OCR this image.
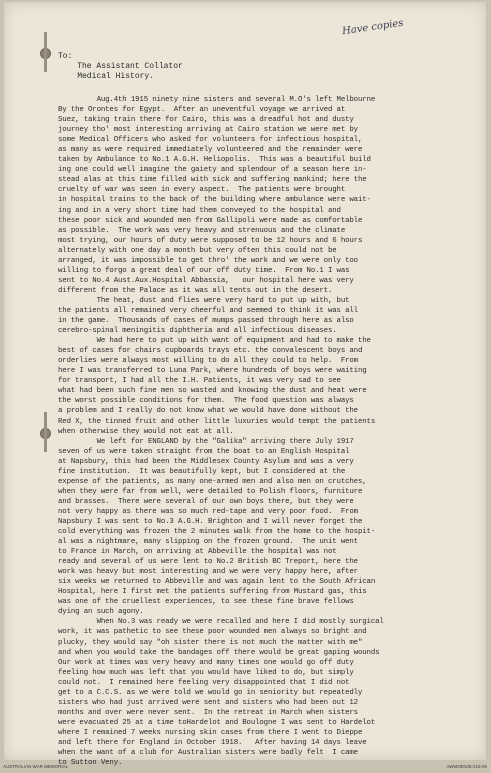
Have copies
To:
The Assistant Collator
Medical History.
Aug.4th 1915 ninety nine sisters and several M.O's left Melbourne
By the Orontes for Egypt.  After an uneventful voyage we arrived at
Suez, taking train there for Cairo, this was a dreadful hot and dusty
journey tho' most interesting arriving at Cairo station we were met by
some Medical Officers who asked for volunteers for infectious hospital,
as many as were required immediately volunteered and the remainder were
taken by Ambulance to No.1 A.G.H. Heliopolis.  This was a beautiful build
ing one could well imagine the gaiety and splendour of a season here in-
stead alas at this time filled with sick and suffering mankind; here the
cruelty of war was seen in every aspect.  The patients were brought
in hospital trains to the back of the building where ambulance were wait-
ing and in a very short time had them conveyed to the hospital and
these poor sick and wounded men from Gallipoli were made as comfortable
as possible.  The work was very heavy and strenuous and the climate
most trying, our hours of duty were supposed to be 12 hours and 6 hours
alternately with one day a month but very often this could not be
arranged, it was impossible to get thro' the work and we were only too
willing to forgo a great deal of our off duty time.  From No.1 I was
sent to No.4 Aust.Aux.Hospital Abbassia,   our hospital here was very
different from the Palace as it was all tents out in the desert.
The heat, dust and flies were very hard to put up with, but
the patients all remained very cheerful and seemed to think it was all
in the game.  Thousands of cases of mumps passed through here as also
cerebro-spinal meningitis diphtheria and all infectious diseases.
We had here to put up with want of equipment and had to make the
best of cases for chairs cupboards trays etc. the convalescent boys and
orderlies were always most willing to do all they could to help.  From
here I was transferred to Luna Park, where hundreds of boys were waiting
for transport, I had all the I.H. Patients, it was very sad to see
what had been such fine men so wasted and knowing the dust and heat were
the worst possible conditions for them.  The food question was always
a problem and I really do not know what we would have done without the
Red X, the tinned fruit and other little luxuries would tempt the patients
when otherwise they would not eat at all.
We left for ENGLAND by the "Galika" arriving there July 1917
seven of us were taken straight from the boat to an English Hospital
at Napsbury, this had been the Middlesex County Asylum and was a very
fine institution.  It was beautifully kept, but I considered at the
expense of the patients, as many one-armed men and also men on crutches,
when they were far from well, were detailed to Polish floors, furniture
and brasses.  There were several of our own boys there, but they were
not very happy as there was so much red-tape and very poor food.  From
Napsbury I was sent to No.3 A.G.H. Brighton and I will never forget the
cold everything was frozen the 2 minutes walk from the home to the hospit-
al was a nightmare, many slipping on the frozen ground.  The unit went
to France in March, on arriving at Abbeville the hospital was not
ready and several of us were lent to No.2 British BC Treport, here the
work was heavy but most interesting and we were very happy here, after
six weeks we returned to Abbeville and was again lent to the South African
Hospital, here I first met the patients suffering from Mustard gas, this
was one of the cruellest experiences, to see these fine brave fellows
dying an such agony.
When No.3 was ready we were recalled and here I did mostly surgical
work, it was pathetic to see these poor wounded men always so bright and
plucky, they would say "oh sister there is not much the matter with me"
and when you would take the bandages off there would be great gaping wounds
Our work at times was very heavy and many times one would go off duty
feeling how much was left that you would have liked to do, but simply
could not.  I remained here feeling very disappointed that I did not
get to a C.C.S. as we were told we would go in seniority but repeatedly
sisters who had just arrived were sent and sisters who had been out 12
months and over were never sent.  In the retreat in March when sisters
were evacuated 25 at a time toHardelot and Boulogne I was sent to Hardelot
where I remained 7 weeks nursing skin cases from there I went to Dieppe
and left there for England in October 1918.   After having 14 days leave
when the want of a club for Australian sisters were badly felt  I came
to Sutton Veny.
AUSTRALIAN WAR MEMORIAL	AWM4001/B-216-00
